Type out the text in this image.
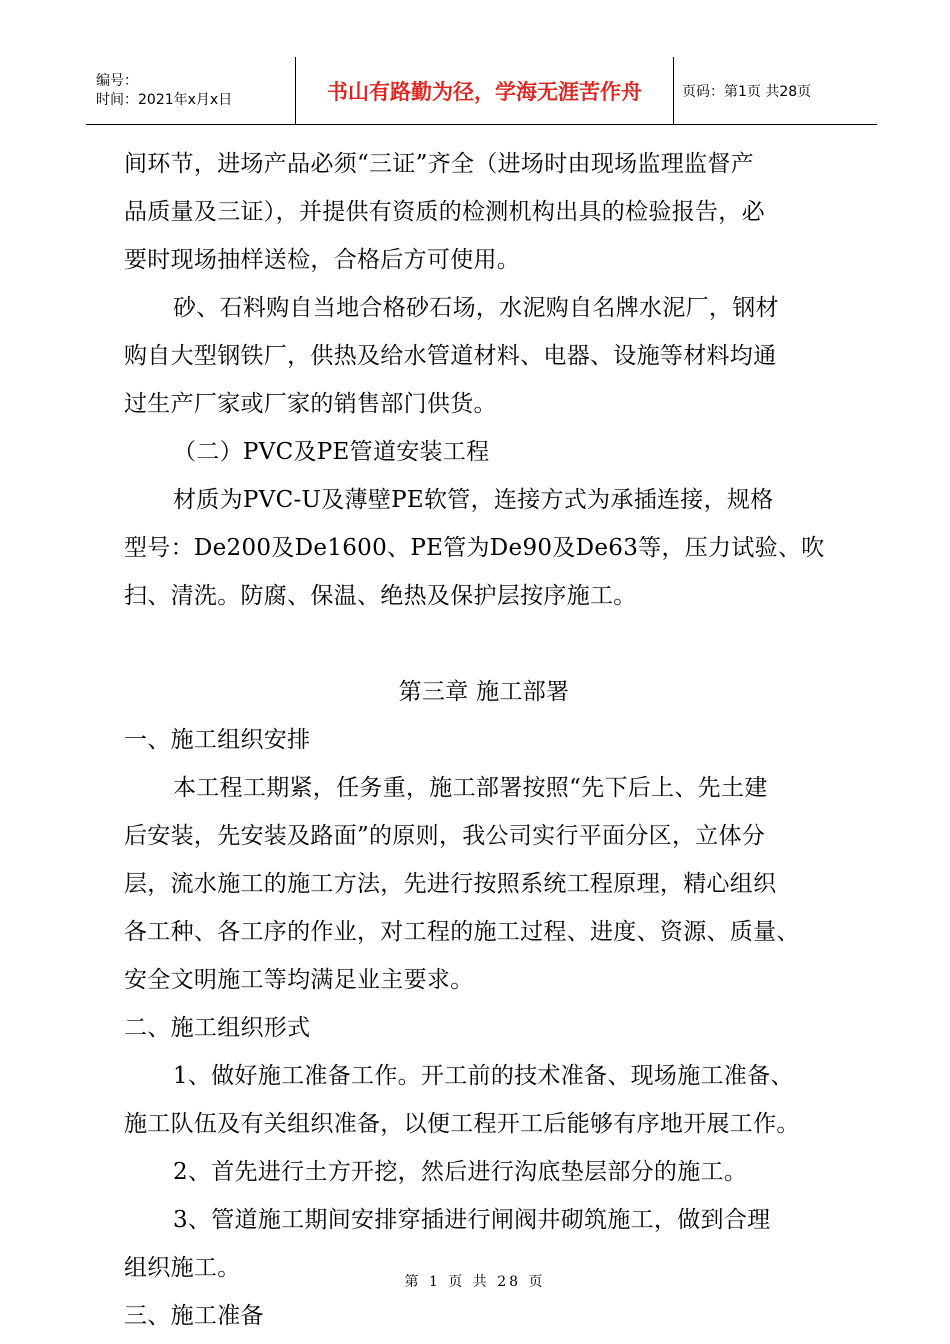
编号：
时间：2021年x月x日	书山有路勤为径，学海无涯苦作舟	页码：第1页 共28页
间环节，进场产品必须“三证”齐全（进场时由现场监理监督产
品质量及三证），并提供有资质的检测机构出具的检验报告，必
要时现场抽样送检，合格后方可使用。
砂、石料购自当地合格砂石场，水泥购自名牌水泥厂，钢材
购自大型钢铁厂，供热及给水管道材料、电器、设施等材料均通
过生产厂家或厂家的销售部门供货。
（二）PVC及PE管道安装工程
材质为PVC-U及薄壁PE软管，连接方式为承插连接，规格
型号：De200及De1600、PE管为De90及De63等，压力试验、吹
扫、清洗。防腐、保温、绝热及保护层按序施工。
第三章 施工部署
一、施工组织安排
本工程工期紧，任务重，施工部署按照“先下后上、先土建
后安装，先安装及路面”的原则，我公司实行平面分区，立体分
层，流水施工的施工方法，先进行按照系统工程原理，精心组织
各工种、各工序的作业，对工程的施工过程、进度、资源、质量、
安全文明施工等均满足业主要求。
二、施工组织形式
1、做好施工准备工作。开工前的技术准备、现场施工准备、
施工队伍及有关组织准备，以便工程开工后能够有序地开展工作。
2、首先进行土方开挖，然后进行沟底垫层部分的施工。
3、管道施工期间安排穿插进行闸阀井砌筑施工，做到合理
组织施工。
三、施工准备
第 1 页 共 28 页
